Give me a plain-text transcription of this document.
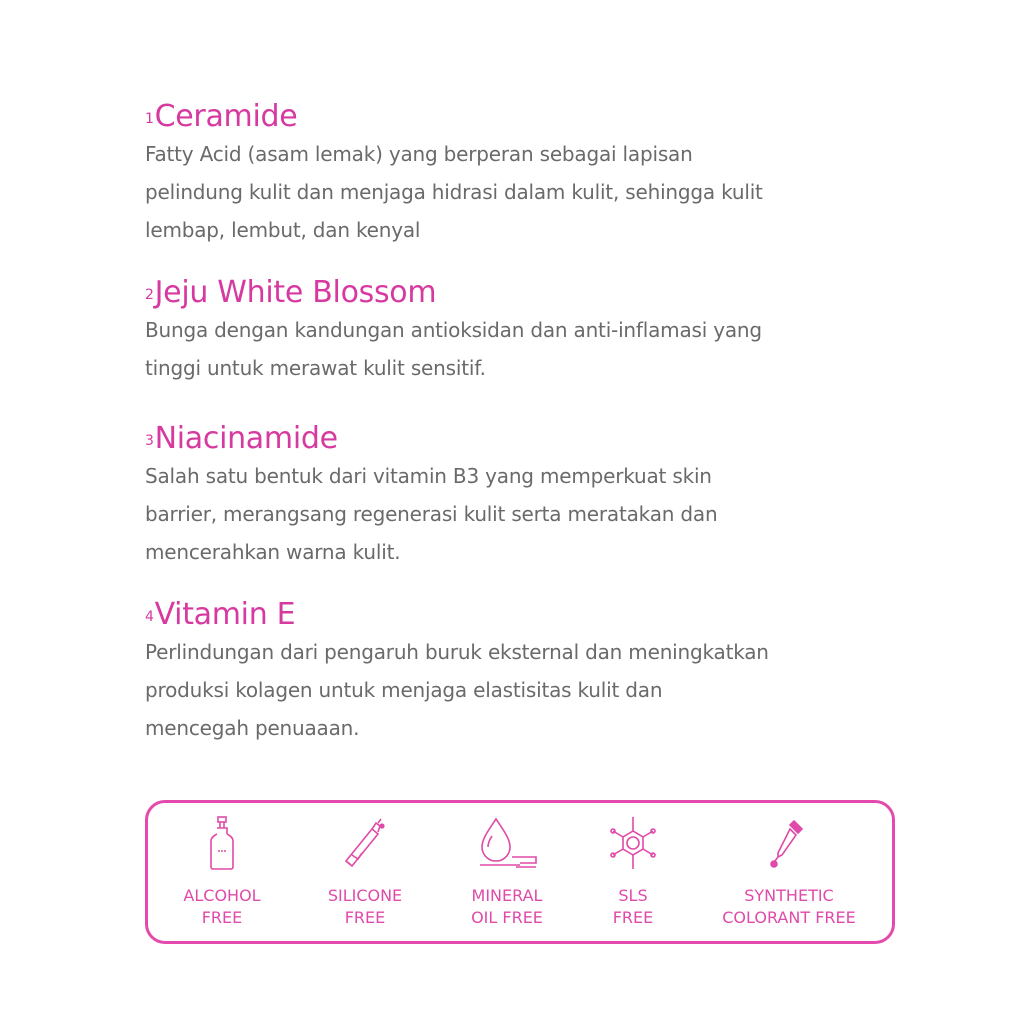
$^1$Ceramide
Fatty Acid (asam lemak) yang berperan sebagai lapisan
pelindung kulit dan menjaga hidrasi dalam kulit, sehingga kulit
lembap, lembut, dan kenyal
$^2$Jeju White Blossom
Bunga dengan kandungan antioksidan dan anti-inflamasi yang
tinggi untuk merawat kulit sensitif.
$^3$Niacinamide
Salah satu bentuk dari vitamin B3 yang memperkuat skin
barrier, merangsang regenerasi kulit serta meratakan dan
mencerahkan warna kulit.
$^4$Vitamin E
Perlindungan dari pengaruh buruk eksternal dan meningkatkan
produksi kolagen untuk menjaga elastisitas kulit dan
mencegah penuaaan.
ALCOHOL
FREE
SILICONE
FREE
MINERAL
OIL FREE
SLS
FREE
SYNTHETIC
COLORANT FREE
